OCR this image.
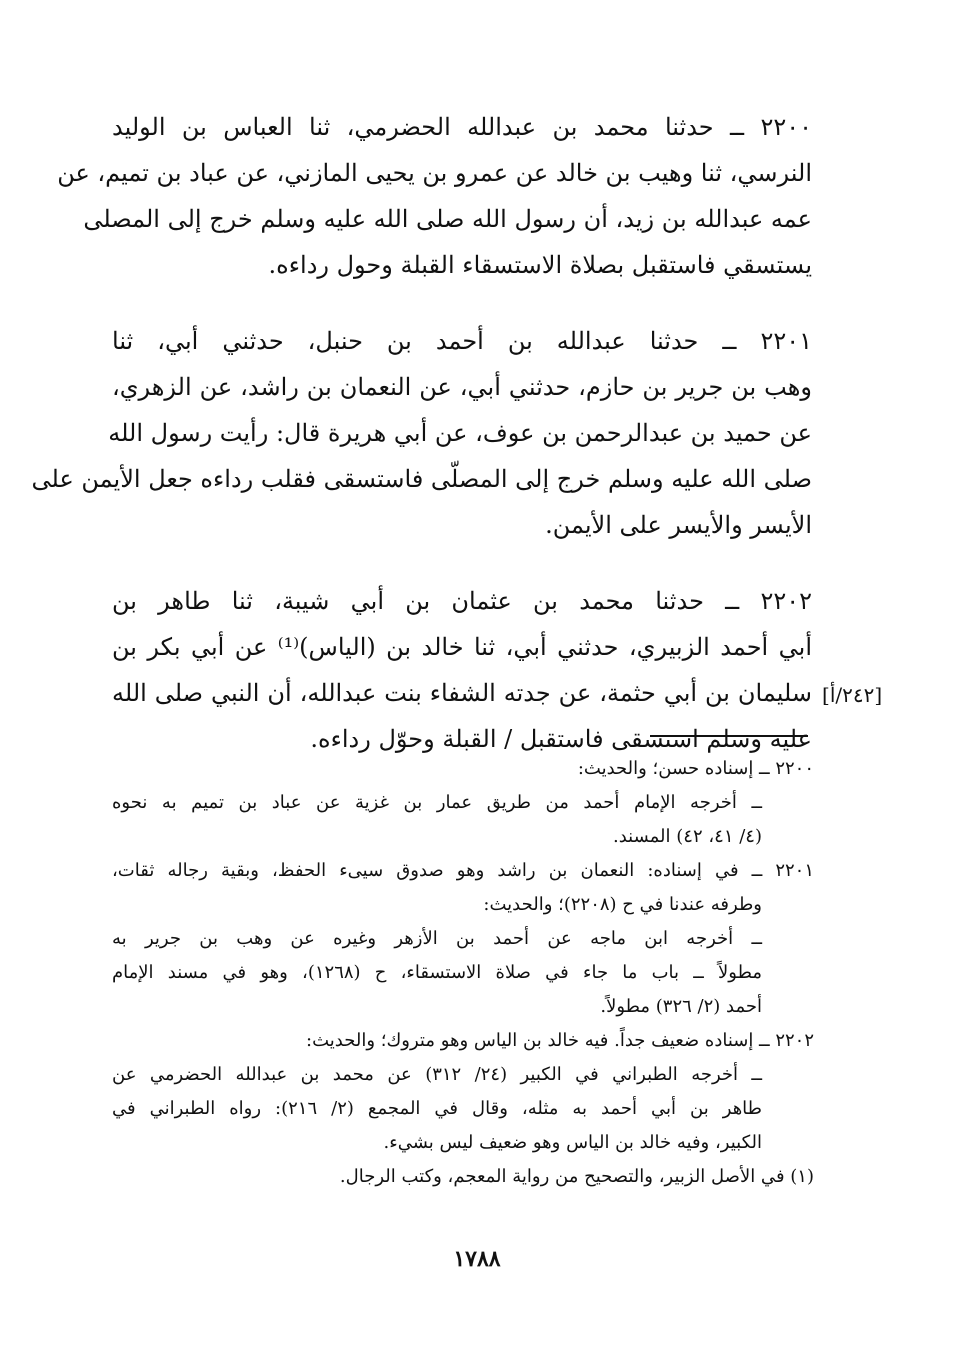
٢٢٠٠ ــ حدثنا محمد بن عبدالله الحضرمي، ثنا العباس بن الوليد
النرسي، ثنا وهيب بن خالد عن عمرو بن يحيى المازني، عن عباد بن تميم، عن
عمه عبدالله بن زيد، أن رسول الله صلى الله عليه وسلم خرج إلى المصلى
يستسقي فاستقبل بصلاة الاستسقاء القبلة وحول رداءه.
٢٢٠١ ــ حدثنا عبدالله بن أحمد بن حنبل، حدثني أبي، ثنا
وهب بن جرير بن حازم، حدثني أبي، عن النعمان بن راشد، عن الزهري،
عن حميد بن عبدالرحمن بن عوف، عن أبي هريرة قال: رأيت رسول الله
صلى الله عليه وسلم خرج إلى المصلّى فاستسقى فقلب رداءه جعل الأيمن على
الأيسر والأيسر على الأيمن.
٢٢٠٢ ــ حدثنا محمد بن عثمان بن أبي شيبة، ثنا طاهر بن
أبي أحمد الزبيري، حدثني أبي، ثنا خالد بن (الياس)⁽¹⁾ عن أبي بكر بن
سليمان بن أبي حثمة، عن جدته الشفاء بنت عبدالله، أن النبي صلى الله
عليه وسلم استسقى فاستقبل / القبلة وحوّل رداءه.
[٢٤٢/أ]
٢٢٠٠ ــ إسناده حسن؛ والحديث:
ــ أخرجه الإمام أحمد من طريق عمار بن غزية عن عباد بن تميم به نحوه
(٤/ ٤١، ٤٢) المسند.
٢٢٠١ ــ في إسناده: النعمان بن راشد وهو صدوق سيىء الحفظ، وبقية رجاله ثقات،
وطرفه عندنا في ح (٢٢٠٨)؛ والحديث:
ــ أخرجه ابن ماجه عن أحمد بن الأزهر وغيره عن وهب بن جرير به
مطولاً ــ باب ما جاء في صلاة الاستسقاء، ح (١٢٦٨)، وهو في مسند الإمام
أحمد (٢/ ٣٢٦) مطولاً.
٢٢٠٢ ــ إسناده ضعيف جداً. فيه خالد بن الياس وهو متروك؛ والحديث:
ــ أخرجه الطبراني في الكبير (٢٤/ ٣١٢) عن محمد بن عبدالله الحضرمي عن
طاهر بن أبي أحمد به مثله، وقال في المجمع (٢/ ٢١٦): رواه الطبراني في
الكبير، وفيه خالد بن الياس وهو ضعيف ليس بشيء.
(١) في الأصل الزبير، والتصحيح من رواية المعجم، وكتب الرجال.
١٧٨٨
